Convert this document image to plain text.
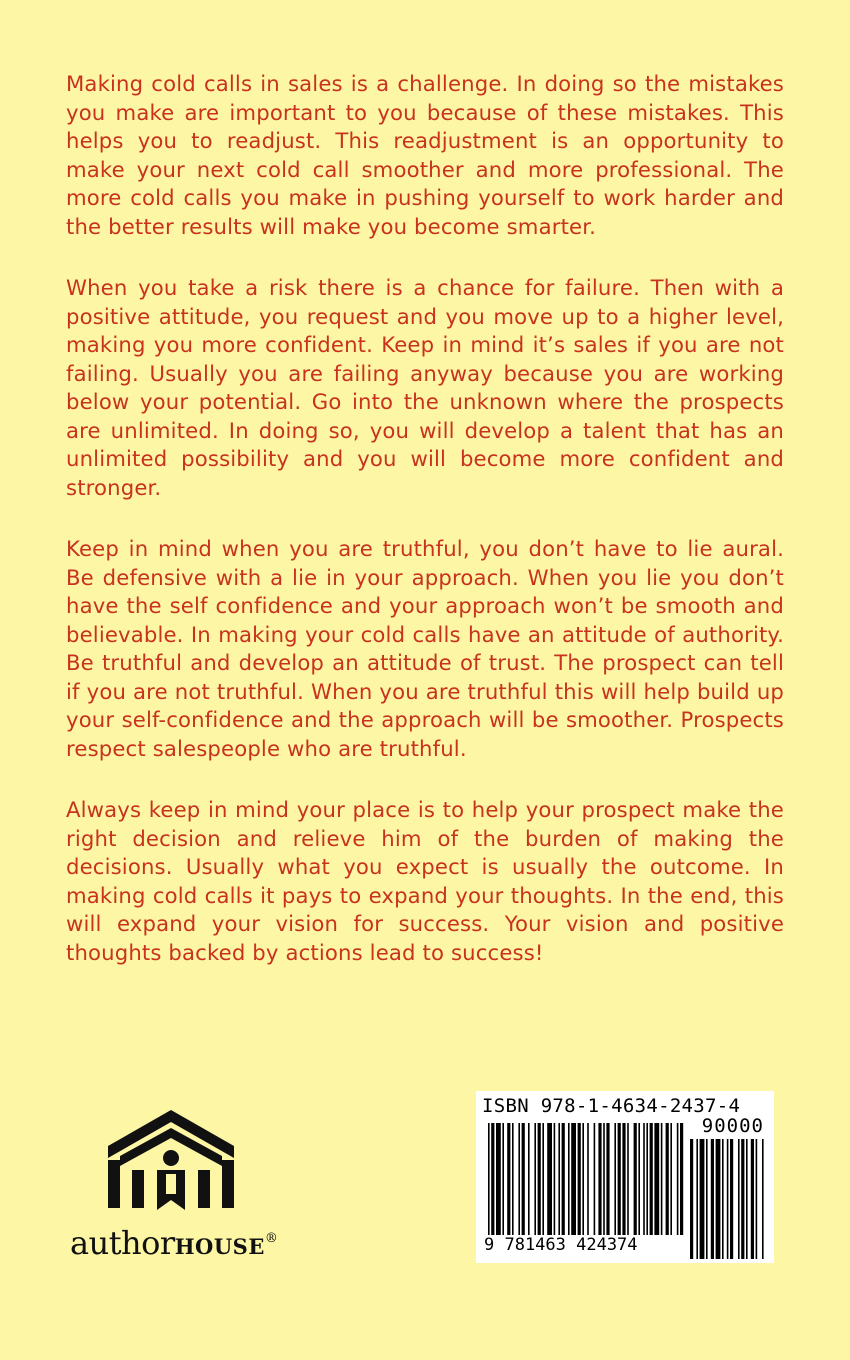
Making cold calls in sales is a challenge. In doing so the mistakes you make are important to you because of these mistakes. This helps you to readjust. This readjustment is an opportunity to make your next cold call smoother and more professional. The more cold calls you make in pushing yourself to work harder and the better results will make you become smarter.

When you take a risk there is a chance for failure. Then with a positive attitude, you request and you move up to a higher level, making you more confident. Keep in mind it’s sales if you are not failing. Usually you are failing anyway because you are working below your potential. Go into the unknown where the prospects are unlimited. In doing so, you will develop a talent that has an unlimited possibility and you will become more confident and stronger.

Keep in mind when you are truthful, you don’t have to lie aural. Be defensive with a lie in your approach. When you lie you don’t have the self confidence and your approach won’t be smooth and believable. In making your cold calls have an attitude of authority. Be truthful and develop an attitude of trust. The prospect can tell if you are not truthful. When you are truthful this will help build up your self-confidence and the approach will be smoother. Prospects respect salespeople who are truthful.

Always keep in mind your place is to help your prospect make the right decision and relieve him of the burden of making the decisions. Usually what you expect is usually the outcome. In making cold calls it pays to expand your thoughts. In the end, this will expand your vision for success. Your vision and positive thoughts backed by actions lead to success!

authorHOUSE®
ISBN 978-1-4634-2437-4
90000
9 781463 424374
